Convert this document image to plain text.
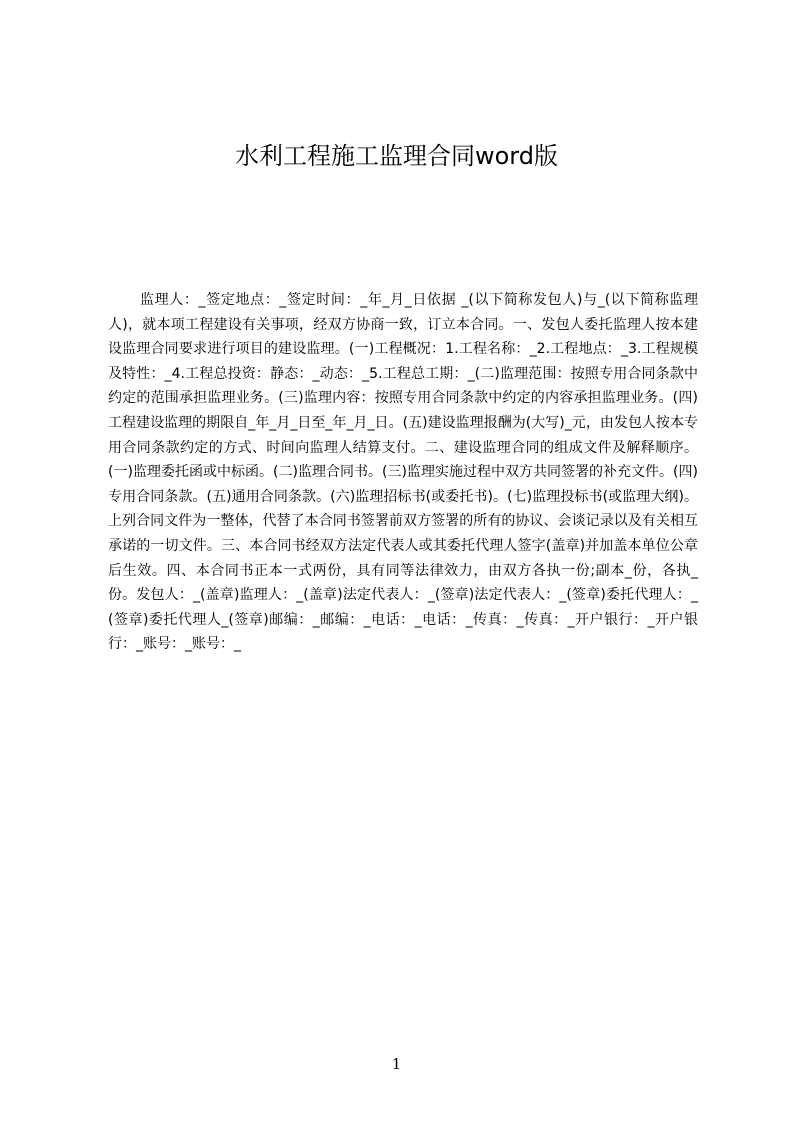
水利工程施工监理合同word版

监理人：_签定地点：_签定时间：_年_月_日依据 _(以下简称发包人)与_(以下简称监理人)，就本项工程建设有关事项，经双方协商一致，订立本合同。一、发包人委托监理人按本建设监理合同要求进行项目的建设监理。(一)工程概况：1.工程名称：_2.工程地点：_3.工程规模及特性：_4.工程总投资：静态：_动态：_5.工程总工期：_(二)监理范围：按照专用合同条款中约定的范围承担监理业务。(三)监理内容：按照专用合同条款中约定的内容承担监理业务。(四)工程建设监理的期限自_年_月_日至_年_月_日。(五)建设监理报酬为(大写)_元，由发包人按本专用合同条款约定的方式、时间向监理人结算支付。二、建设监理合同的组成文件及解释顺序。(一)监理委托函或中标函。(二)监理合同书。(三)监理实施过程中双方共同签署的补充文件。(四)专用合同条款。(五)通用合同条款。(六)监理招标书(或委托书)。(七)监理投标书(或监理大纲)。上列合同文件为一整体，代替了本合同书签署前双方签署的所有的协议、会谈记录以及有关相互承诺的一切文件。三、本合同书经双方法定代表人或其委托代理人签字(盖章)并加盖本单位公章后生效。四、本合同书正本一式两份，具有同等法律效力，由双方各执一份;副本_份，各执_份。发包人：_(盖章)监理人：_(盖章)法定代表人：_(签章)法定代表人：_(签章)委托代理人：_(签章)委托代理人_(签章)邮编：_邮编：_电话：_电话：_传真：_传真：_开户银行：_开户银行：_账号：_账号：_

1
